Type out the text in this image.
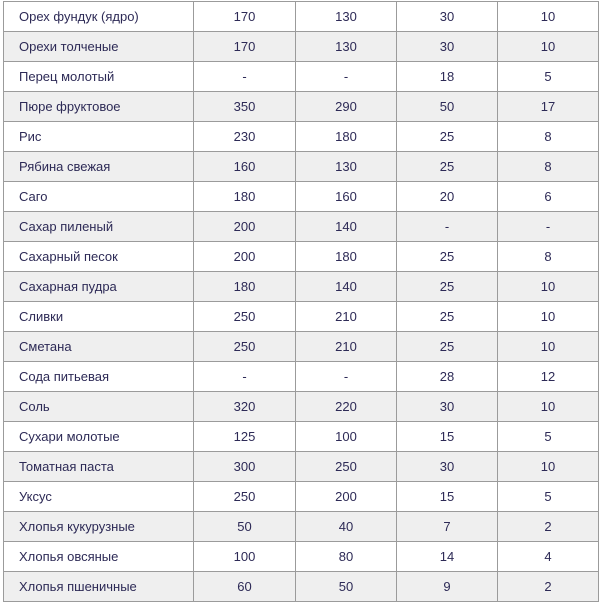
Орех фундук (ядро)	170	130	30	10
Орехи толченые	170	130	30	10
Перец молотый	-	-	18	5
Пюре фруктовое	350	290	50	17
Рис	230	180	25	8
Рябина свежая	160	130	25	8
Саго	180	160	20	6
Сахар пиленый	200	140	-	-
Сахарный песок	200	180	25	8
Сахарная пудра	180	140	25	10
Сливки	250	210	25	10
Сметана	250	210	25	10
Сода питьевая	-	-	28	12
Соль	320	220	30	10
Сухари молотые	125	100	15	5
Томатная паста	300	250	30	10
Уксус	250	200	15	5
Хлопья кукурузные	50	40	7	2
Хлопья овсяные	100	80	14	4
Хлопья пшеничные	60	50	9	2
